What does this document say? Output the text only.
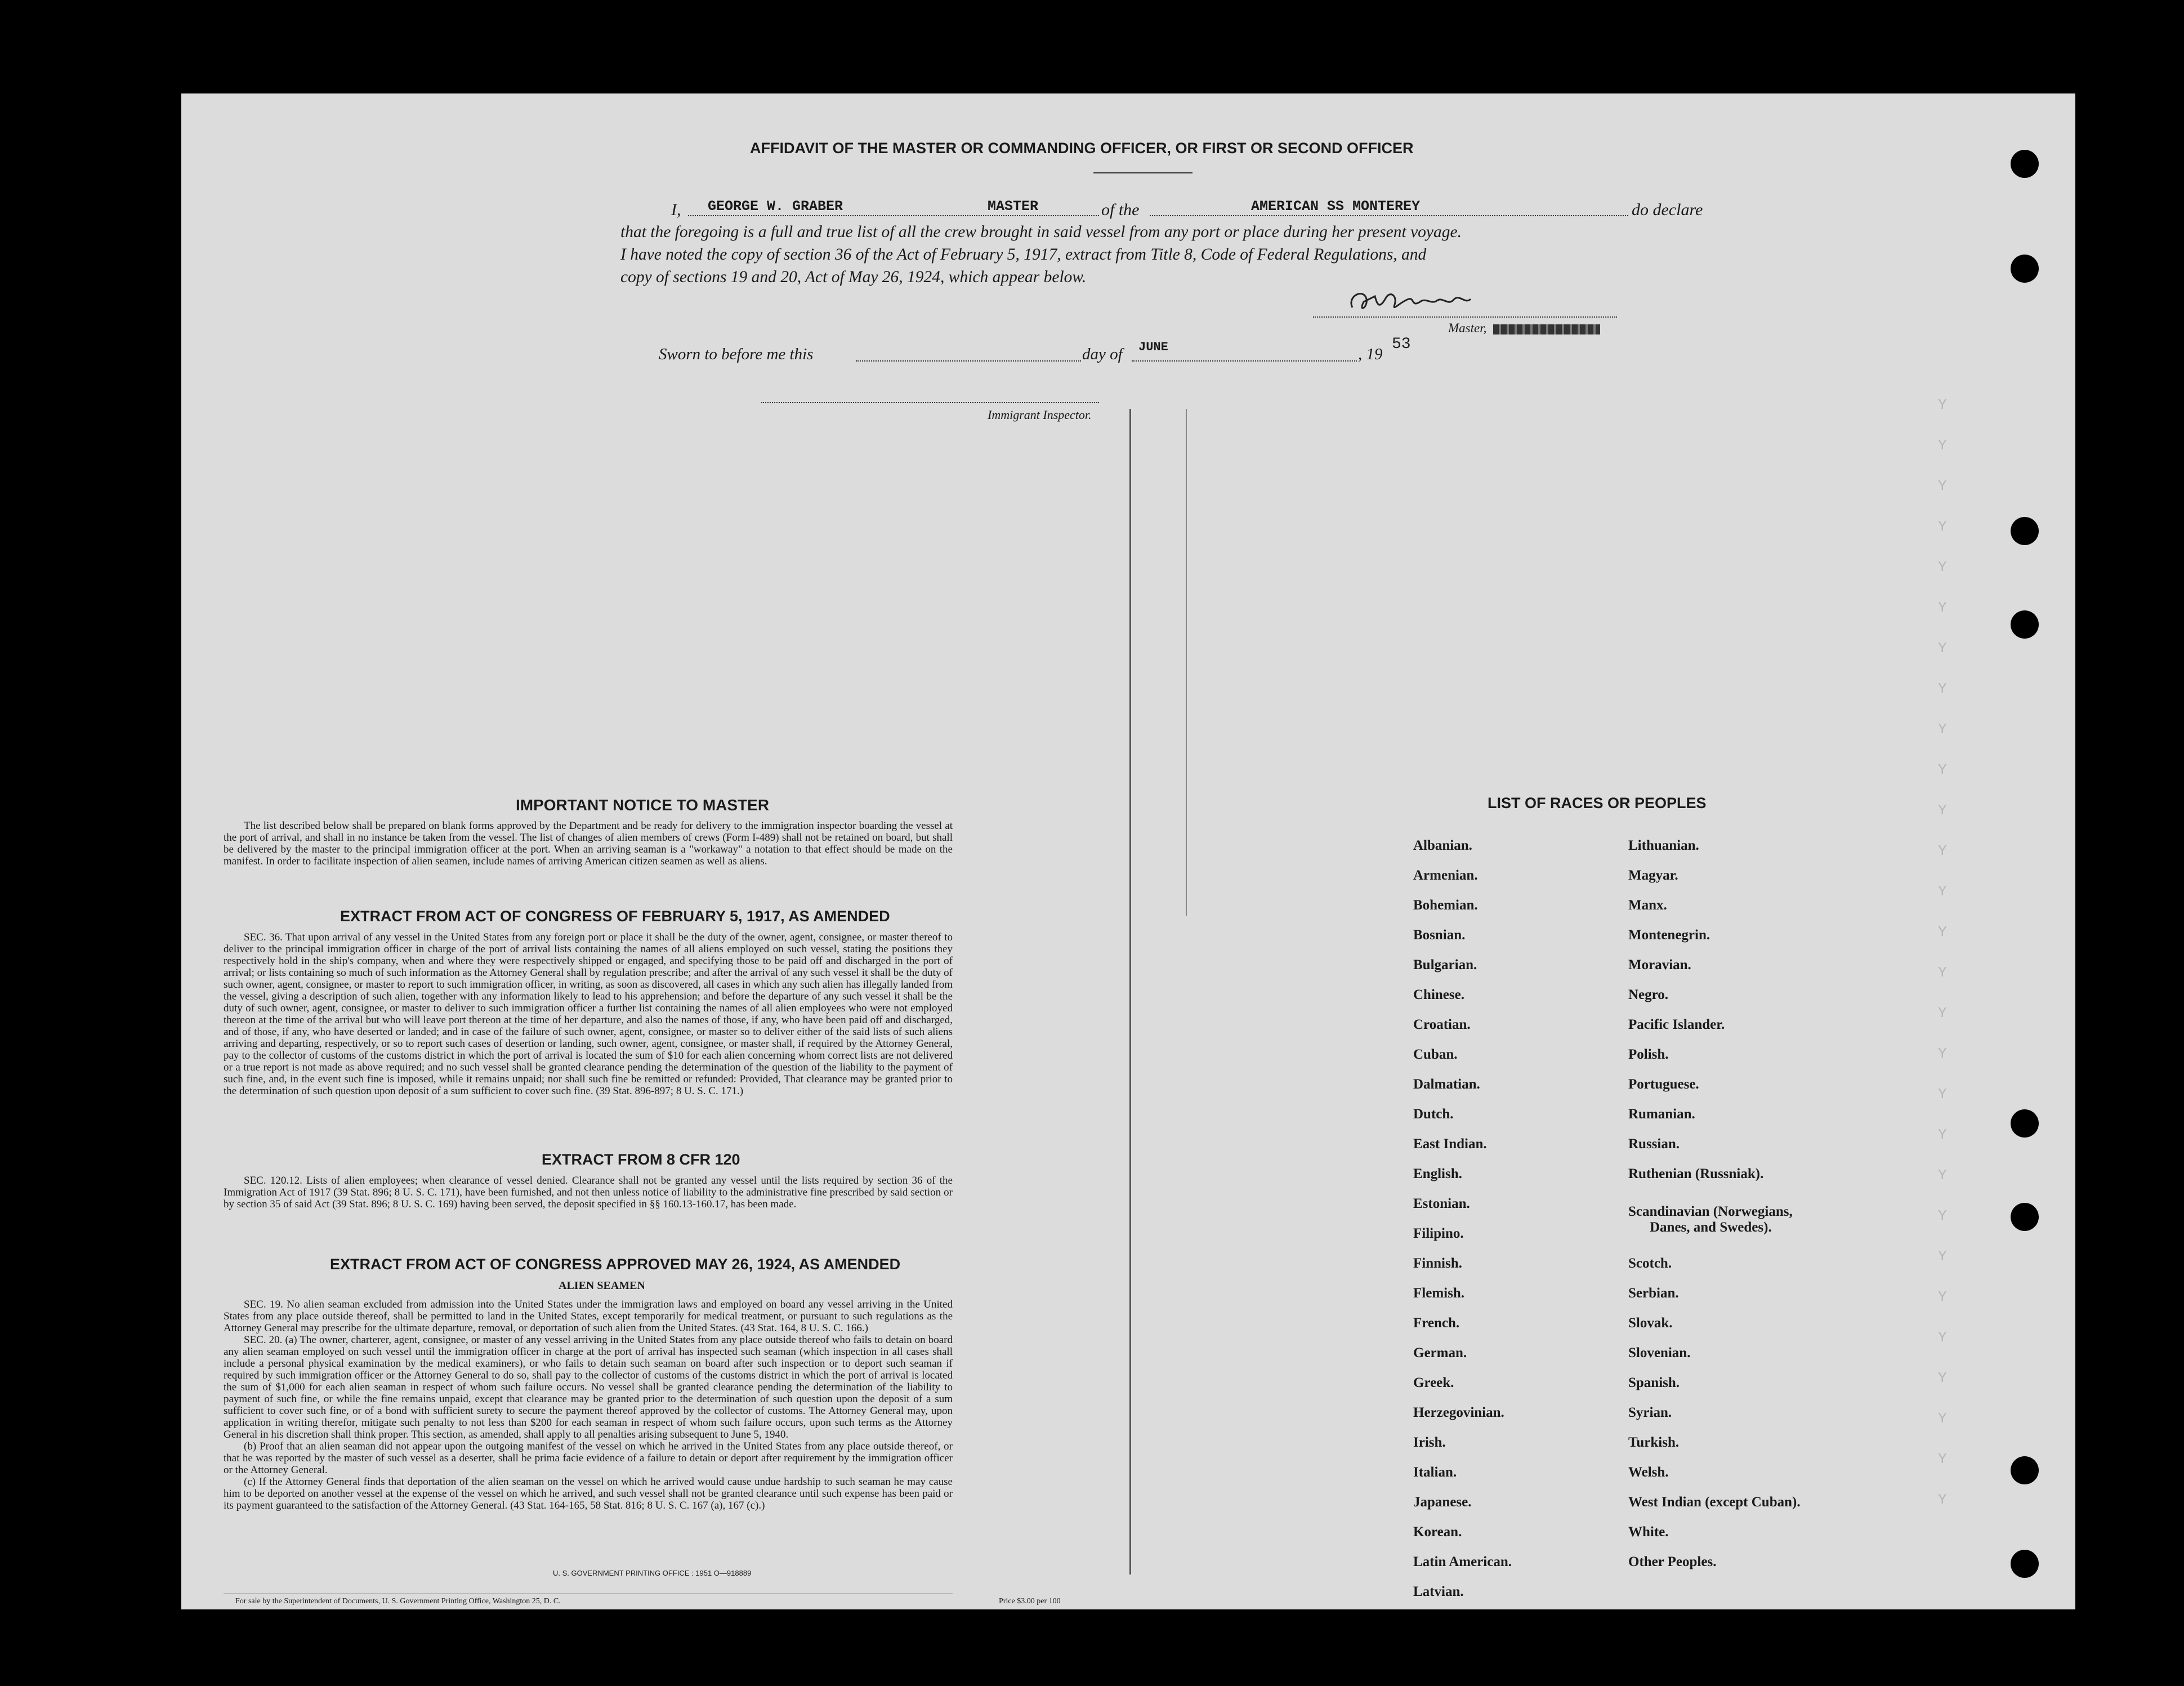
Y
Y
Y
Y
Y
Y
Y
Y
Y
Y
Y
Y
Y
Y
Y
Y
Y
Y
Y
Y
Y
Y
Y
Y
Y
Y
Y
Y
AFFIDAVIT OF THE MASTER OR COMMANDING OFFICER, OR FIRST OR SECOND OFFICER
I, GEORGE W. GRABER	MASTER	of the	AMERICAN SS MONTEREY	do declare
that the foregoing is a full and true list of all the crew brought in said vessel from any port or place during her present voyage.
I have noted the copy of section 36 of the Act of February 5, 1917, extract from Title 8, Code of Federal Regulations, and
copy of sections 19 and 20, Act of May 26, 1924, which appear below.
Master,
Sworn to before me this	day of JUNE	, 19
53
Immigrant Inspector.
IMPORTANT NOTICE TO MASTER

The list described below shall be prepared on blank forms approved by the Department and be ready for delivery to the immigration inspector boarding the vessel at the port of arrival, and shall in no instance be taken from the vessel. The list of changes of alien members of crews (Form I-489) shall not be retained on board, but shall be delivered by the master to the principal immigration officer at the port. When an arriving seaman is a "workaway" a notation to that effect should be made on the manifest. In order to facilitate inspection of alien seamen, include names of arriving American citizen seamen as well as aliens.

EXTRACT FROM ACT OF CONGRESS OF FEBRUARY 5, 1917, AS AMENDED

SEC. 36. That upon arrival of any vessel in the United States from any foreign port or place it shall be the duty of the owner, agent, consignee, or master thereof to deliver to the principal immigration officer in charge of the port of arrival lists containing the names of all aliens employed on such vessel, stating the positions they respectively hold in the ship's company, when and where they were respectively shipped or engaged, and specifying those to be paid off and discharged in the port of arrival; or lists containing so much of such information as the Attorney General shall by regulation prescribe; and after the arrival of any such vessel it shall be the duty of such owner, agent, consignee, or master to report to such immigration officer, in writing, as soon as discovered, all cases in which any such alien has illegally landed from the vessel, giving a description of such alien, together with any information likely to lead to his apprehension; and before the departure of any such vessel it shall be the duty of such owner, agent, consignee, or master to deliver to such immigration officer a further list containing the names of all alien employees who were not employed thereon at the time of the arrival but who will leave port thereon at the time of her departure, and also the names of those, if any, who have been paid off and discharged, and of those, if any, who have deserted or landed; and in case of the failure of such owner, agent, consignee, or master so to deliver either of the said lists of such aliens arriving and departing, respectively, or so to report such cases of desertion or landing, such owner, agent, consignee, or master shall, if required by the Attorney General, pay to the collector of customs of the customs district in which the port of arrival is located the sum of $10 for each alien concerning whom correct lists are not delivered or a true report is not made as above required; and no such vessel shall be granted clearance pending the determination of the question of the liability to the payment of such fine, and, in the event such fine is imposed, while it remains unpaid; nor shall such fine be remitted or refunded: Provided, That clearance may be granted prior to the determination of such question upon deposit of a sum sufficient to cover such fine. (39 Stat. 896-897; 8 U. S. C. 171.)

EXTRACT FROM 8 CFR 120

SEC. 120.12. Lists of alien employees; when clearance of vessel denied. Clearance shall not be granted any vessel until the lists required by section 36 of the Immigration Act of 1917 (39 Stat. 896; 8 U. S. C. 171), have been furnished, and not then unless notice of liability to the administrative fine prescribed by said section or by section 35 of said Act (39 Stat. 896; 8 U. S. C. 169) having been served, the deposit specified in §§ 160.13-160.17, has been made.

EXTRACT FROM ACT OF CONGRESS APPROVED MAY 26, 1924, AS AMENDED
ALIEN SEAMEN

SEC. 19. No alien seaman excluded from admission into the United States under the immigration laws and employed on board any vessel arriving in the United States from any place outside thereof, shall be permitted to land in the United States, except temporarily for medical treatment, or pursuant to such regulations as the Attorney General may prescribe for the ultimate departure, removal, or deportation of such alien from the United States. (43 Stat. 164, 8 U. S. C. 166.)

SEC. 20. (a) The owner, charterer, agent, consignee, or master of any vessel arriving in the United States from any place outside thereof who fails to detain on board any alien seaman employed on such vessel until the immigration officer in charge at the port of arrival has inspected such seaman (which inspection in all cases shall include a personal physical examination by the medical examiners), or who fails to detain such seaman on board after such inspection or to deport such seaman if required by such immigration officer or the Attorney General to do so, shall pay to the collector of customs of the customs district in which the port of arrival is located the sum of $1,000 for each alien seaman in respect of whom such failure occurs. No vessel shall be granted clearance pending the determination of the liability to payment of such fine, or while the fine remains unpaid, except that clearance may be granted prior to the determination of such question upon the deposit of a sum sufficient to cover such fine, or of a bond with sufficient surety to secure the payment thereof approved by the collector of customs. The Attorney General may, upon application in writing therefor, mitigate such penalty to not less than $200 for each seaman in respect of whom such failure occurs, upon such terms as the Attorney General in his discretion shall think proper. This section, as amended, shall apply to all penalties arising subsequent to June 5, 1940.

(b) Proof that an alien seaman did not appear upon the outgoing manifest of the vessel on which he arrived in the United States from any place outside thereof, or that he was reported by the master of such vessel as a deserter, shall be prima facie evidence of a failure to detain or deport after requirement by the immigration officer or the Attorney General.

(c) If the Attorney General finds that deportation of the alien seaman on the vessel on which he arrived would cause undue hardship to such seaman he may cause him to be deported on another vessel at the expense of the vessel on which he arrived, and such vessel shall not be granted clearance until such expense has been paid or its payment guaranteed to the satisfaction of the Attorney General. (43 Stat. 164-165, 58 Stat. 816; 8 U. S. C. 167 (a), 167 (c).)

U. S. GOVERNMENT PRINTING OFFICE : 1951 O—918889
For sale by the Superintendent of Documents, U. S. Government Printing Office, Washington 25, D. C.	Price $3.00 per 100
LIST OF RACES OR PEOPLES
Albanian.
Armenian.
Bohemian.
Bosnian.
Bulgarian.
Chinese.
Croatian.
Cuban.
Dalmatian.
Dutch.
East Indian.
English.
Estonian.
Filipino.
Finnish.
Flemish.
French.
German.
Greek.
Herzegovinian.
Irish.
Italian.
Japanese.
Korean.
Latin American.
Latvian.
Lithuanian.
Magyar.
Manx.
Montenegrin.
Moravian.
Negro.
Pacific Islander.
Polish.
Portuguese.
Rumanian.
Russian.
Ruthenian (Russniak).
Scandinavian (Norwegians,
Danes, and Swedes).
Scotch.
Serbian.
Slovak.
Slovenian.
Spanish.
Syrian.
Turkish.
Welsh.
West Indian (except Cuban).
White.
Other Peoples.
